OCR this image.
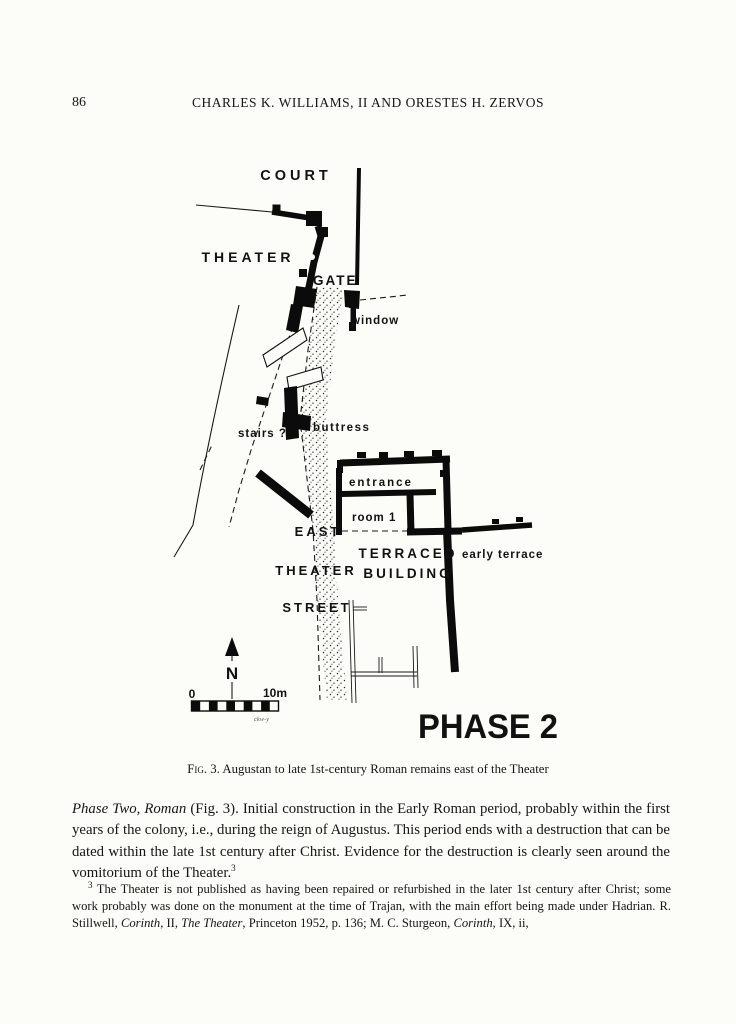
86	CHARLES K. WILLIAMS, II AND ORESTES H. ZERVOS
N
0	10m
ckw-y
COURT
THEATER
GATE
window
stairs ? buttress
entrance
room 1
EAST
THEATER
STREET
TERRACED
BUILDING
early terrace
PHASE 2
Fig. 3. Augustan to late 1st-century Roman remains east of the Theater
Phase Two, Roman (Fig. 3). Initial construction in the Early Roman period, probably within the first years of the colony, i.e., during the reign of Augustus. This period ends with a destruction that can be dated within the late 1st century after Christ. Evidence for the destruction is clearly seen around the vomitorium of the Theater.$^3$
$^3$ The Theater is not published as having been repaired or refurbished in the later 1st century after Christ; some work probably was done on the monument at the time of Trajan, with the main effort being made under Hadrian. R. Stillwell, Corinth, II, The Theater, Princeton 1952, p. 136; M. C. Sturgeon, Corinth, IX, ii,
